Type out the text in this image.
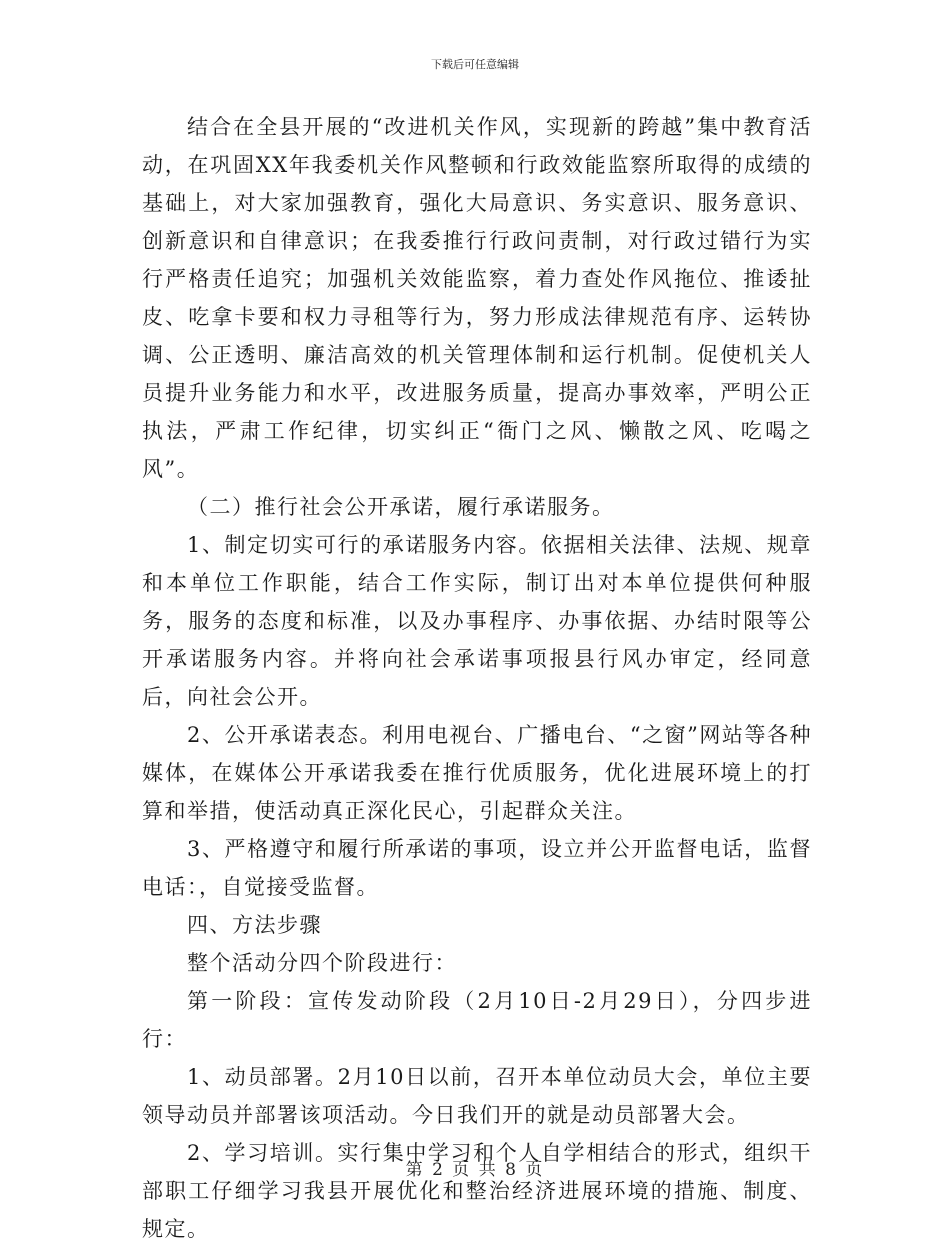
下载后可任意编辑

结合在全县开展的“改进机关作风，实现新的跨越”集中教育活动，在巩固XX年我委机关作风整顿和行政效能监察所取得的成绩的基础上，对大家加强教育，强化大局意识、务实意识、服务意识、创新意识和自律意识；在我委推行行政问责制，对行政过错行为实行严格责任追究；加强机关效能监察，着力查处作风拖位、推诿扯皮、吃拿卡要和权力寻租等行为，努力形成法律规范有序、运转协调、公正透明、廉洁高效的机关管理体制和运行机制。促使机关人员提升业务能力和水平，改进服务质量，提高办事效率，严明公正执法，严肃工作纪律，切实纠正“衙门之风、懒散之风、吃喝之风”。

（二）推行社会公开承诺，履行承诺服务。

1、制定切实可行的承诺服务内容。依据相关法律、法规、规章和本单位工作职能，结合工作实际，制订出对本单位提供何种服务，服务的态度和标准，以及办事程序、办事依据、办结时限等公开承诺服务内容。并将向社会承诺事项报县行风办审定，经同意后，向社会公开。

2、公开承诺表态。利用电视台、广播电台、“之窗”网站等各种媒体，在媒体公开承诺我委在推行优质服务，优化进展环境上的打算和举措，使活动真正深化民心，引起群众关注。

3、严格遵守和履行所承诺的事项，设立并公开监督电话，监督电话：，自觉接受监督。

四、方法步骤

整个活动分四个阶段进行：

第一阶段：宣传发动阶段（2月10日-2月29日），分四步进行：

1、动员部署。2月10日以前，召开本单位动员大会，单位主要领导动员并部署该项活动。今日我们开的就是动员部署大会。

2、学习培训。实行集中学习和个人自学相结合的形式，组织干部职工仔细学习我县开展优化和整治经济进展环境的措施、制度、规定。

第 2 页 共 8 页
